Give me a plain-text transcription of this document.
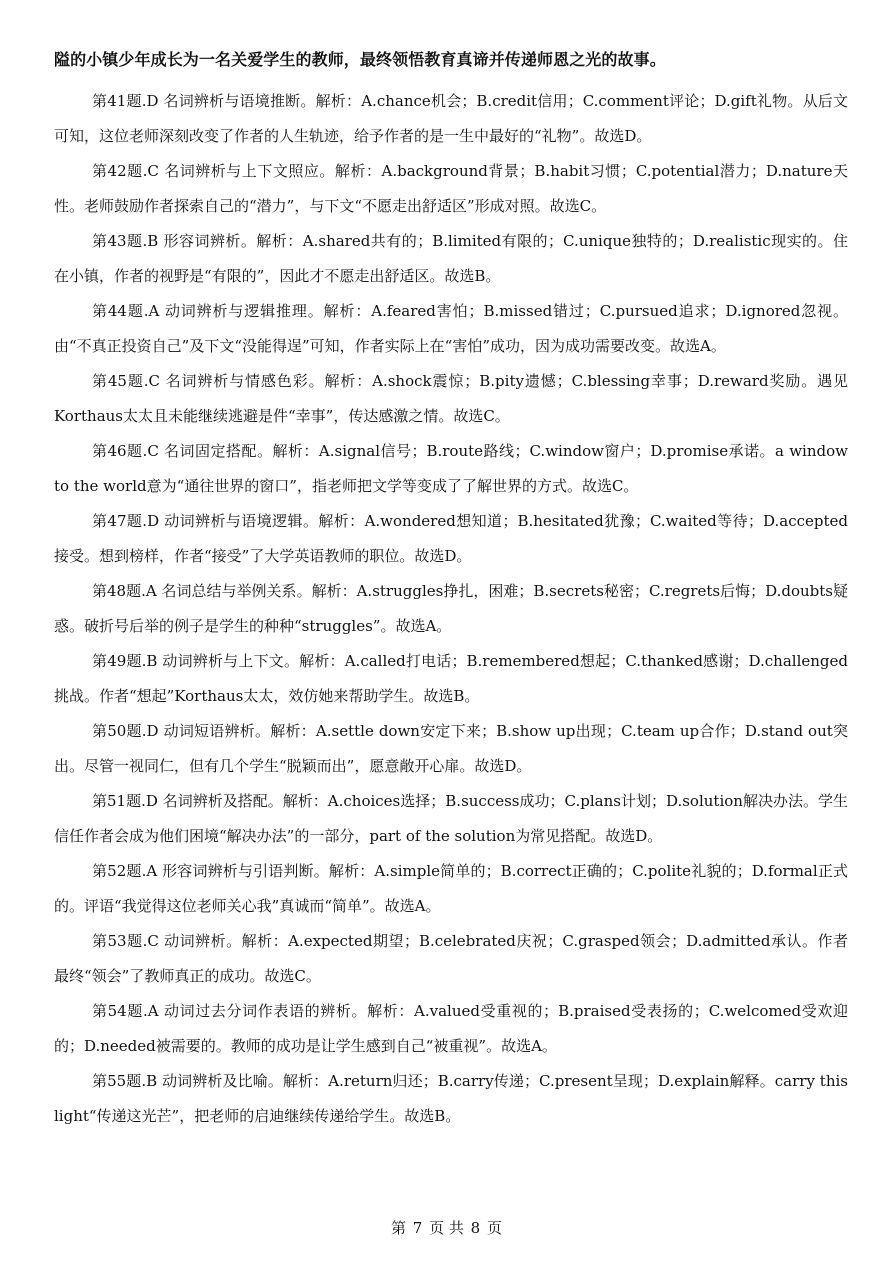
隘的小镇少年成长为一名关爱学生的教师，最终领悟教育真谛并传递师恩之光的故事。

第41题.D 名词辨析与语境推断。解析：A.chance机会；B.credit信用；C.comment评论；D.gift礼物。从后文可知，这位老师深刻改变了作者的人生轨迹，给予作者的是一生中最好的“礼物”。故选D。

第42题.C 名词辨析与上下文照应。解析：A.background背景；B.habit习惯；C.potential潜力；D.nature天性。老师鼓励作者探索自己的“潜力”，与下文“不愿走出舒适区”形成对照。故选C。

第43题.B 形容词辨析。解析：A.shared共有的；B.limited有限的；C.unique独特的；D.realistic现实的。住在小镇，作者的视野是“有限的”，因此才不愿走出舒适区。故选B。

第44题.A 动词辨析与逻辑推理。解析：A.feared害怕；B.missed错过；C.pursued追求；D.ignored忽视。由“不真正投资自己”及下文“没能得逞”可知，作者实际上在“害怕”成功，因为成功需要改变。故选A。

第45题.C 名词辨析与情感色彩。解析：A.shock震惊；B.pity遗憾；C.blessing幸事；D.reward奖励。遇见Korthaus太太且未能继续逃避是件“幸事”，传达感激之情。故选C。

第46题.C 名词固定搭配。解析：A.signal信号；B.route路线；C.window窗户；D.promise承诺。a window to the world意为“通往世界的窗口”，指老师把文学等变成了了解世界的方式。故选C。

第47题.D 动词辨析与语境逻辑。解析：A.wondered想知道；B.hesitated犹豫；C.waited等待；D.accepted接受。想到榜样，作者“接受”了大学英语教师的职位。故选D。

第48题.A 名词总结与举例关系。解析：A.struggles挣扎，困难；B.secrets秘密；C.regrets后悔；D.doubts疑惑。破折号后举的例子是学生的种种“struggles”。故选A。

第49题.B 动词辨析与上下文。解析：A.called打电话；B.remembered想起；C.thanked感谢；D.challenged挑战。作者“想起”Korthaus太太，效仿她来帮助学生。故选B。

第50题.D 动词短语辨析。解析：A.settle down安定下来；B.show up出现；C.team up合作；D.stand out突出。尽管一视同仁，但有几个学生“脱颖而出”，愿意敞开心扉。故选D。

第51题.D 名词辨析及搭配。解析：A.choices选择；B.success成功；C.plans计划；D.solution解决办法。学生信任作者会成为他们困境“解决办法”的一部分，part of the solution为常见搭配。故选D。

第52题.A 形容词辨析与引语判断。解析：A.simple简单的；B.correct正确的；C.polite礼貌的；D.formal正式的。评语“我觉得这位老师关心我”真诚而“简单”。故选A。

第53题.C 动词辨析。解析：A.expected期望；B.celebrated庆祝；C.grasped领会；D.admitted承认。作者最终“领会”了教师真正的成功。故选C。

第54题.A 动词过去分词作表语的辨析。解析：A.valued受重视的；B.praised受表扬的；C.welcomed受欢迎的；D.needed被需要的。教师的成功是让学生感到自己“被重视”。故选A。

第55题.B 动词辨析及比喻。解析：A.return归还；B.carry传递；C.present呈现；D.explain解释。carry this light“传递这光芒”，把老师的启迪继续传递给学生。故选B。

第 7 页 共 8 页
